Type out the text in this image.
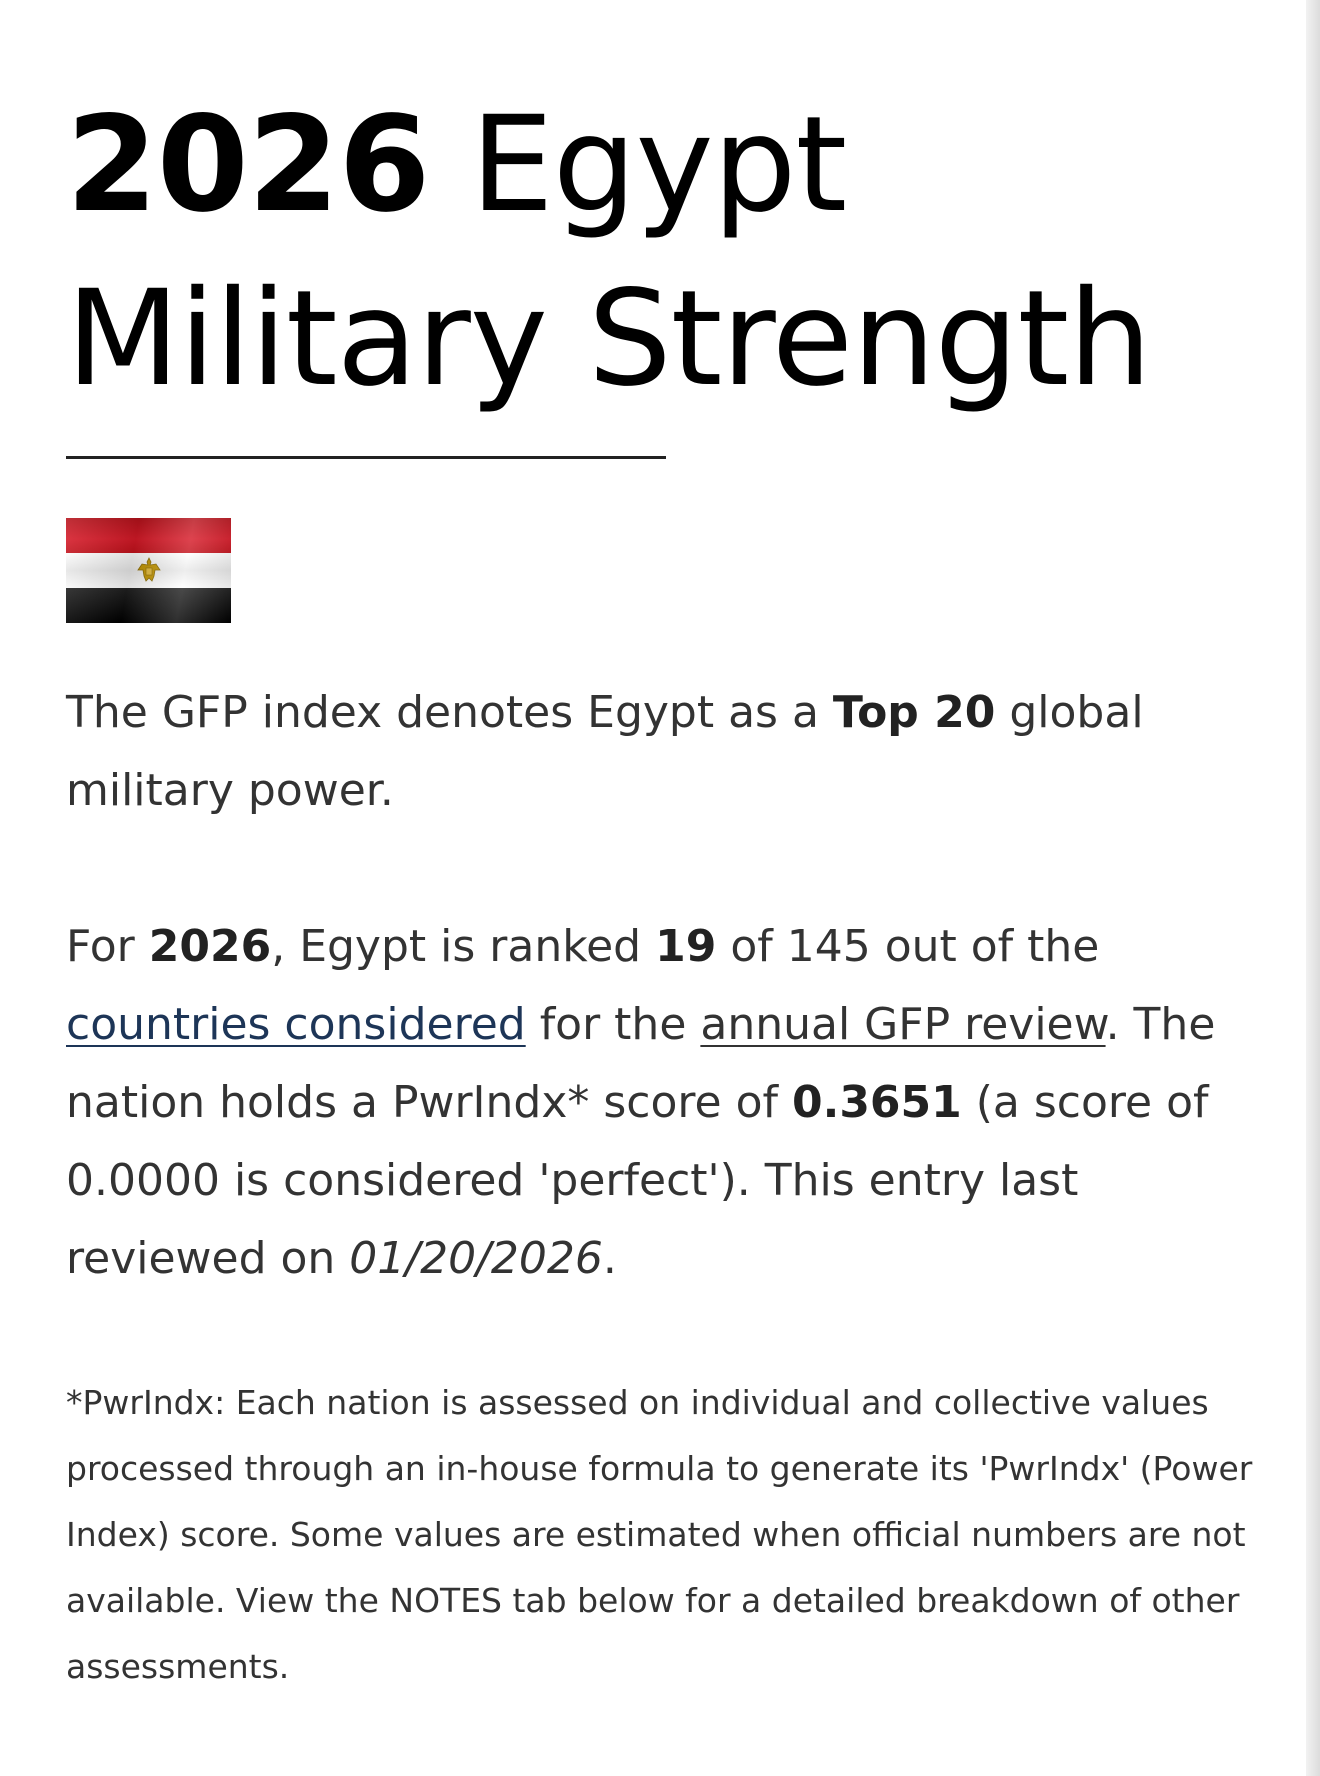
2026 Egypt
Military Strength

The GFP index denotes Egypt as a Top 20 global military power.

For 2026, Egypt is ranked 19 of 145 out of the countries considered for the annual GFP review. The nation holds a PwrIndx* score of 0.3651 (a score of 0.0000 is considered 'perfect'). This entry last reviewed on 01/20/2026.

*PwrIndx: Each nation is assessed on individual and collective values processed through an in-house formula to generate its 'PwrIndx' (Power Index) score. Some values are estimated when official numbers are not available. View the NOTES tab below for a detailed breakdown of other assessments.
